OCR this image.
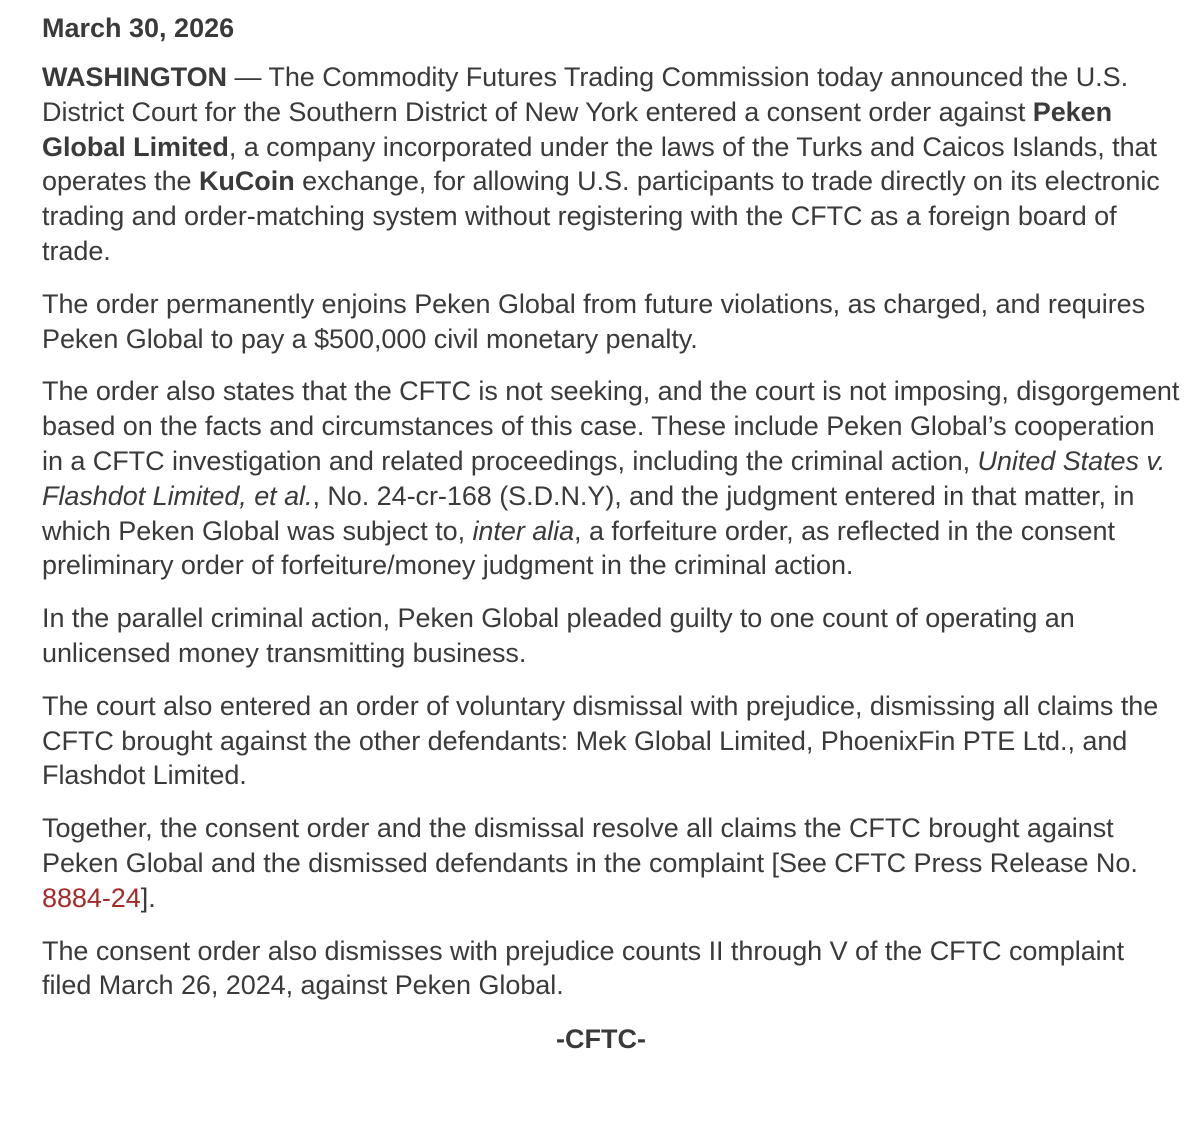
March 30, 2026

WASHINGTON — The Commodity Futures Trading Commission today announced the U.S. District Court for the Southern District of New York entered a consent order against Peken Global Limited, a company incorporated under the laws of the Turks and Caicos Islands, that operates the KuCoin exchange, for allowing U.S. participants to trade directly on its electronic trading and order-matching system without registering with the CFTC as a foreign board of trade.

The order permanently enjoins Peken Global from future violations, as charged, and requires Peken Global to pay a $500,000 civil monetary penalty.

The order also states that the CFTC is not seeking, and the court is not imposing, disgorgement based on the facts and circumstances of this case. These include Peken Global’s cooperation in a CFTC investigation and related proceedings, including the criminal action, United States v. Flashdot Limited, et al., No. 24-cr-168 (S.D.N.Y), and the judgment entered in that matter, in which Peken Global was subject to, inter alia, a forfeiture order, as reflected in the consent preliminary order of forfeiture/money judgment in the criminal action.

In the parallel criminal action, Peken Global pleaded guilty to one count of operating an unlicensed money transmitting business.

The court also entered an order of voluntary dismissal with prejudice, dismissing all claims the CFTC brought against the other defendants: Mek Global Limited, PhoenixFin PTE Ltd., and Flashdot Limited.

Together, the consent order and the dismissal resolve all claims the CFTC brought against Peken Global and the dismissed defendants in the complaint [See CFTC Press Release No. 8884-24].

The consent order also dismisses with prejudice counts II through V of the CFTC complaint filed March 26, 2024, against Peken Global.

-CFTC-
